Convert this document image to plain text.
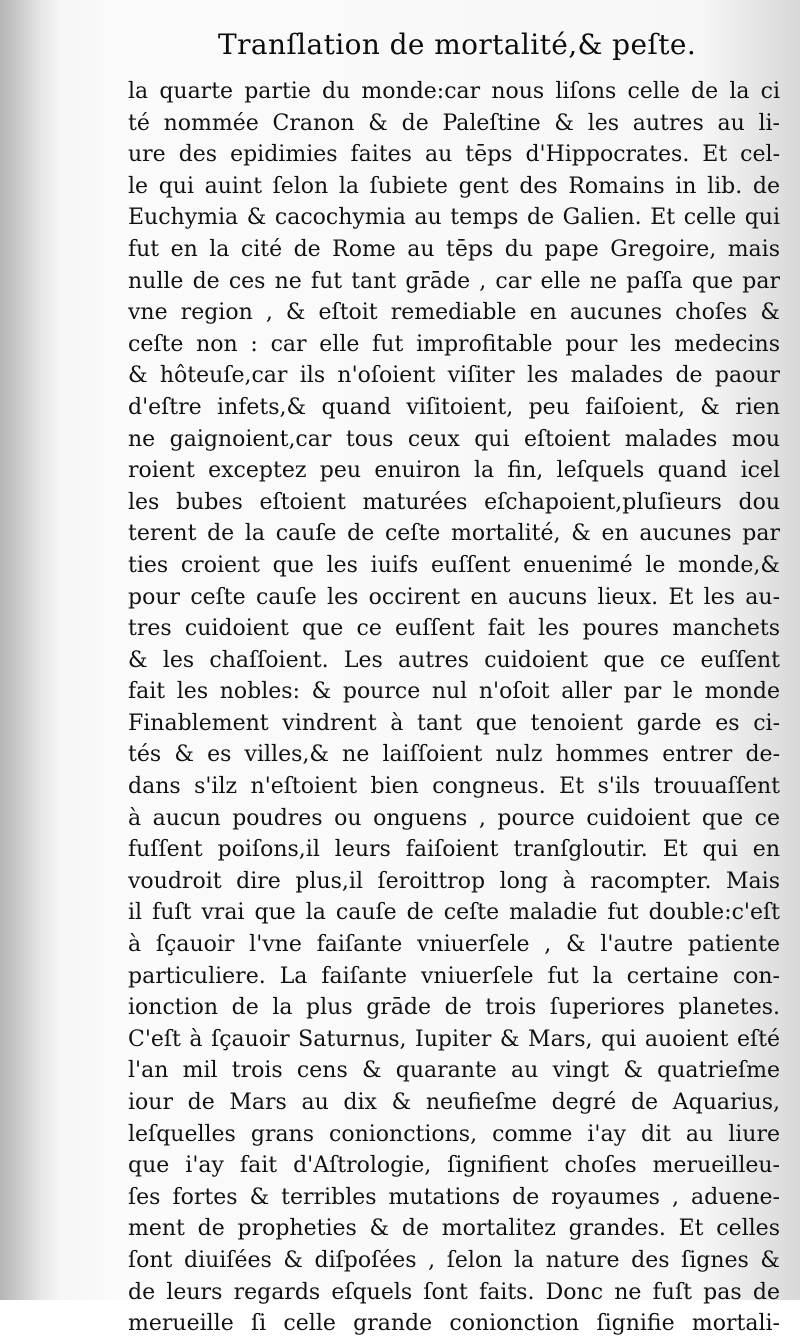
Tranſlation de mortalité,& peſte.
la quarte partie du monde:car nous liſons celle de la ci
té nommée Cranon & de Paleſtine & les autres au li-
ure des epidimies faites au tēps d'Hippocrates. Et cel-
le qui auint ſelon la ſubiete gent des Romains in lib. de
Euchymia & cacochymia au temps de Galien. Et celle qui
fut en la cité de Rome au tēps du pape Gregoire, mais
nulle de ces ne fut tant grāde , car elle ne paſſa que par
vne region , & eſtoit remediable en aucunes choſes &
ceſte non : car elle fut improfitable pour les medecins
& hôteuſe,car ils n'oſoient viſiter les malades de paour
d'eſtre infets,& quand viſitoient, peu faiſoient, & rien
ne gaignoient,car tous ceux qui eſtoient malades mou
roient exceptez peu enuiron la fin, leſquels quand icel
les bubes eſtoient maturées eſchapoient,pluſieurs dou
terent de la cauſe de ceſte mortalité, & en aucunes par
ties croient que les iuifs euſſent enuenimé le monde,&
pour ceſte cauſe les occirent en aucuns lieux. Et les au-
tres cuidoient que ce euſſent fait les poures manchets
& les chaſſoient. Les autres cuidoient que ce euſſent
fait les nobles: & pource nul n'oſoit aller par le monde
Finablement vindrent à tant que tenoient garde es ci-
tés & es villes,& ne laiſſoient nulz hommes entrer de-
dans s'ilz n'eſtoient bien congneus. Et s'ils trouuaſſent
à aucun poudres ou onguens , pource cuidoient que ce
fuſſent poiſons,il leurs faiſoient tranſgloutir. Et qui en
voudroit dire plus,il ſeroittrop long à racompter. Mais
il fuſt vrai que la cauſe de ceſte maladie fut double:c'eſt
à ſçauoir l'vne faiſante vniuerſele , & l'autre patiente
particuliere. La faiſante vniuerſele fut la certaine con-
ionction de la plus grāde de trois ſuperiores planetes.
C'eſt à ſçauoir Saturnus, Iupiter & Mars, qui auoient eſté
l'an mil trois cens & quarante au vingt & quatrieſme
iour de Mars au dix & neufieſme degré de Aquarius,
leſquelles grans conionctions, comme i'ay dit au liure
que i'ay fait d'Aſtrologie, ſignifient choſes merueilleu-
ſes fortes & terribles mutations de royaumes , aduene-
ment de propheties & de mortalitez grandes. Et celles
ſont diuiſées & diſpoſées , ſelon la nature des ſignes &
de leurs regards eſquels ſont faits. Donc ne fuſt pas de
merueille ſi celle grande conionction ſignifie mortali-
